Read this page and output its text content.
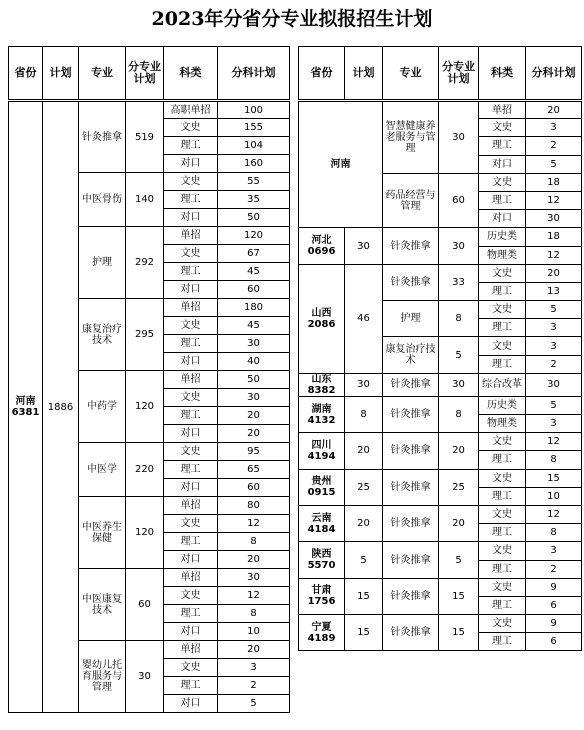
2023年分省分专业拟报招生计划
省份	计划	专业	分专业计划	科类	分科计划
河南
6381	1886	针灸推拿	519	高职单招	100
				文史	155
				理工	104
				对口	160
		中医骨伤	140	文史	55
				理工	35
				对口	50
		护理	292	单招	120
				文史	67
				理工	45
				对口	60
		康复治疗技术	295	单招	180
				文史	45
				理工	30
				对口	40
		中药学	120	单招	50
				文史	30
				理工	20
				对口	20
		中医学	220	文史	95
				理工	65
				对口	60
		中医养生保健	120	单招	80
				文史	12
				理工	8
				对口	20
		中医康复技术	60	单招	30
				文史	12
				理工	8
				对口	10
		婴幼儿托育服务与管理	30	单招	20
				文史	3
				理工	2
				对口	5
省份	计划	专业	分专业计划	科类	分科计划
河南		智慧健康养老服务与管理	30	单招	20
				文史	3
				理工	2
				对口	5
		药品经营与管理	60	文史	18
				理工	12
				对口	30
河北
0696	30	针灸推拿	30	历史类	18
				物理类	12
山西
2086	46	针灸推拿	33	文史	20
				理工	13
		护理	8	文史	5
				理工	3
		康复治疗技术	5	文史	3
				理工	2
山东8382	30	针灸推拿	30	综合改革	30
湖南
4132	8	针灸推拿	8	历史类	5
				物理类	3
四川
4194	20	针灸推拿	20	文史	12
				理工	8
贵州
0915	25	针灸推拿	25	文史	15
				理工	10
云南
4184	20	针灸推拿	20	文史	12
				理工	8
陕西
5570	5	针灸推拿	5	文史	3
				理工	2
甘肃
1756	15	针灸推拿	15	文史	9
				理工	6
宁夏
4189	15	针灸推拿	15	文史	9
				理工	6
